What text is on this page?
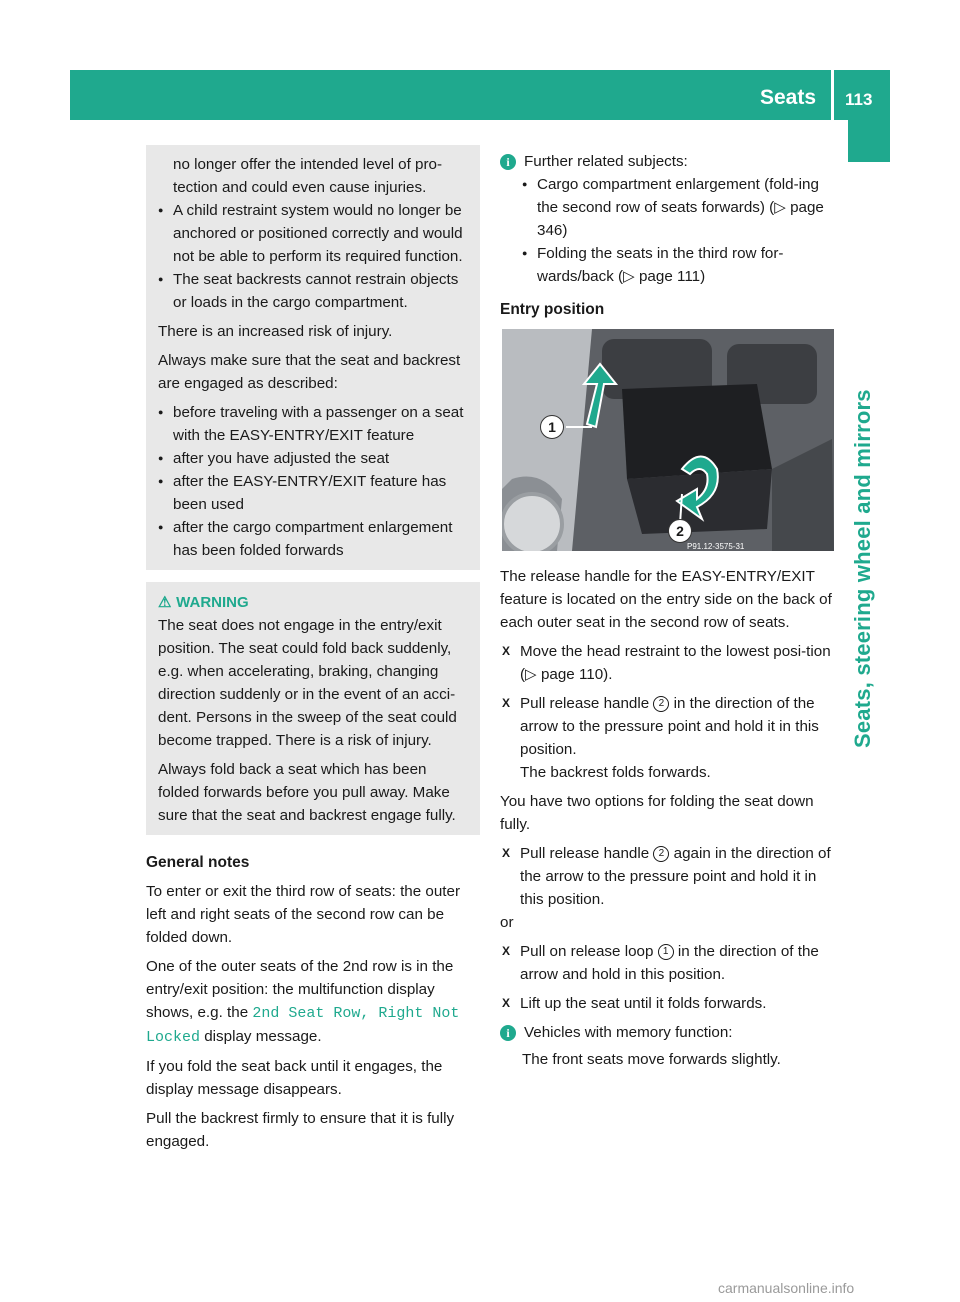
Seats 113
Seats, steering wheel and mirrors
no longer offer the intended level of pro-tection and could even cause injuries.
● A child restraint system would no longer be anchored or positioned correctly and would not be able to perform its required function.
● The seat backrests cannot restrain objects or loads in the cargo compartment.
There is an increased risk of injury.
Always make sure that the seat and backrest are engaged as described:
● before traveling with a passenger on a seat with the EASY-ENTRY/EXIT feature
● after you have adjusted the seat
● after the EASY-ENTRY/EXIT feature has been used
● after the cargo compartment enlargement has been folded forwards
⚠ WARNING
The seat does not engage in the entry/exit position. The seat could fold back suddenly, e.g. when accelerating, braking, changing direction suddenly or in the event of an acci-dent. Persons in the sweep of the seat could become trapped. There is a risk of injury.
Always fold back a seat which has been folded forwards before you pull away. Make sure that the seat and backrest engage fully.
General notes
To enter or exit the third row of seats: the outer left and right seats of the second row can be folded down.
One of the outer seats of the 2nd row is in the entry/exit position: the multifunction display shows, e.g. the 2nd Seat Row, Right Not Locked display message.
If you fold the seat back until it engages, the display message disappears.
Pull the backrest firmly to ensure that it is fully engaged.
i Further related subjects:
● Cargo compartment enlargement (fold-ing the second row of seats forwards) (▷ page 346)
● Folding the seats in the third row for-wards/back (▷ page 111)
Entry position
P91.12-3575-31
1
2
The release handle for the EASY-ENTRY/EXIT feature is located on the entry side on the back of each outer seat in the second row of seats.
X Move the head restraint to the lowest posi-tion (▷ page 110).
X Pull release handle 2 in the direction of the arrow to the pressure point and hold it in this position.
The backrest folds forwards.
You have two options for folding the seat down fully.
X Pull release handle 2 again in the direction of the arrow to the pressure point and hold it in this position.
or
X Pull on release loop 1 in the direction of the arrow and hold in this position.
X Lift up the seat until it folds forwards.
i Vehicles with memory function:
The front seats move forwards slightly.
carmanualsonline.info
